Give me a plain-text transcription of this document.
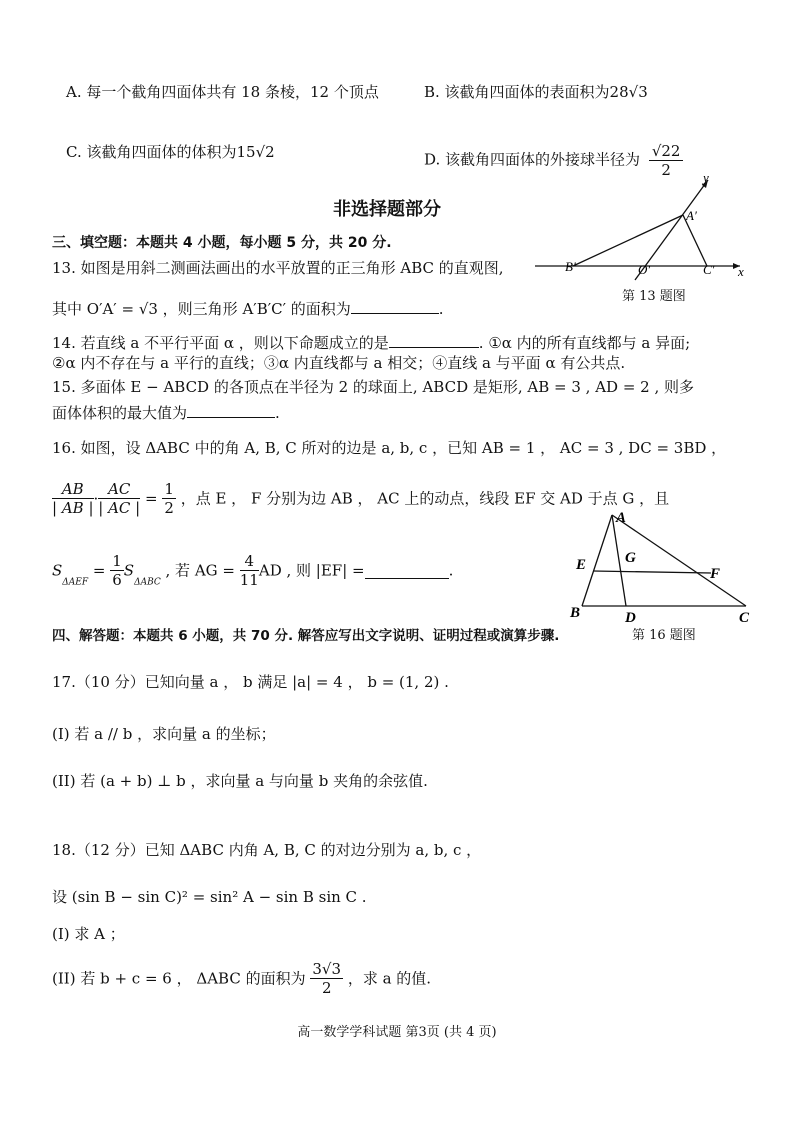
A. 每一个截角四面体共有 18 条棱，12 个顶点	B. 该截角四面体的表面积为28√3
C. 该截角四面体的体积为15√2	D. 该截角四面体的外接球半径为 $\frac{√22}{2}$
非选择题部分
y
x
A′
B′	O′	C′
第 13 题图
三、填空题：本题共 4 小题，每小题 5 分，共 20 分.
13. 如图是用斜二测画法画出的水平放置的正三角形 ABC 的直观图,
其中 O′A′ = √3 ，则三角形 A′B′C′ 的面积为	.
14. 若直线 a 不平行平面 α ，则以下命题成立的是	. ①α 内的所有直线都与 a 异面;
②α 内不存在与 a 平行的直线；③α 内直线都与 a 相交；④直线 a 与平面 α 有公共点.
15. 多面体 E − ABCD 的各顶点在半径为 2 的球面上, ABCD 是矩形, AB = 3 , AD = 2 , 则多
面体体积的最大值为	.
16. 如图，设 ΔABC 中的角 A, B, C 所对的边是 a, b, c ，已知 AB = 1 ， AC = 3 , DC = 3BD ，
$\frac{AB}{| AB |} \cdot \frac{AC}{| AC |} = \frac{1}{2}$ ，点 E ， F 分别为边 AB ， AC 上的动点，线段 EF 交 AD 于点 G ，且
$S_{\Delta AEF} = \frac{1}{6} S_{\Delta ABC}$ , 若 AG = $\frac{4}{11}$ AD , 则 |EF| =	.
A
B	C
D
E
F
G
四、解答题：本题共 6 小题，共 70 分. 解答应写出文字说明、证明过程或演算步骤.	第 16 题图
17.（10 分）已知向量 a ， b 满足 |a| = 4 ， b = (1, 2) .
(I) 若 a // b ，求向量 a 的坐标；
(II) 若 (a + b) ⊥ b ，求向量 a 与向量 b 夹角的余弦值.
18.（12 分）已知 ΔABC 内角 A, B, C 的对边分别为 a, b, c ，
设 (sin B − sin C)² = sin² A − sin B sin C .
(I) 求 A ；
(II) 若 b + c = 6 ， ΔABC 的面积为 $\frac{3√3}{2}$ ，求 a 的值.
高一数学学科试题 第3页 (共 4 页)
